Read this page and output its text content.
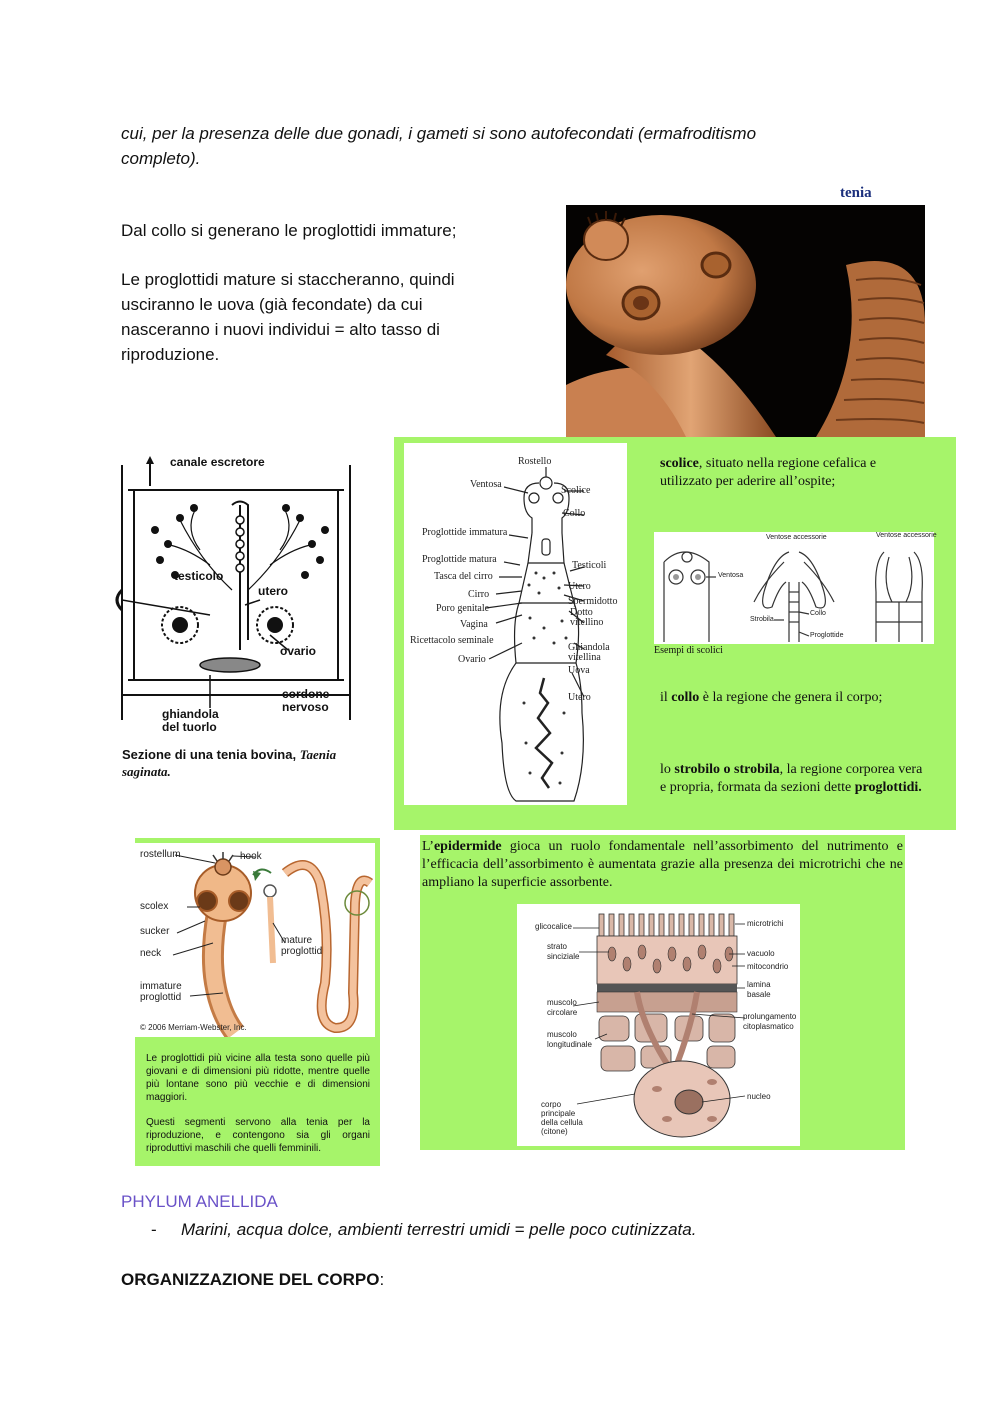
cui, per la presenza delle due gonadi, i gameti si sono autofecondati (ermafroditismo
completo).
Dal collo si generano le proglottidi immature;
Le proglottidi mature si staccheranno, quindi
usciranno le uova (già fecondate) da cui
nasceranno i nuovi individui = alto tasso di
riproduzione.
tenia
canale escretore
testicolo
utero
ovario
cordone
nervoso
ghiandola
del tuorlo
Sezione di una tenia bovina, Taenia
saginata.
Rostello
Ventosa
Scolice
Collo
Proglottide immatura
Proglottide matura
Testicoli
Tasca del cirro
Utero
Cirro
Spermidotto
Poro genitale	Dotto
vitellino
Vagina
Ricettacolo seminale
Ghiandola
vitellina
Ovario
Uova
Utero
scolice, situato nella regione cefalica e
utilizzato per aderire all’ospite;
Ventosa
Ventose accessorie	Ventose accessorie
Strobila
Collo
Proglottide
Esempi di scolici
il collo è la regione che genera il corpo;
lo strobilo o strobila, la regione corporea vera
e propria, formata da sezioni dette proglottidi.
rostellum	hook
scolex
sucker
neck
mature
proglottid
immature
proglottid
© 2006 Merriam-Webster, Inc.
Le proglottidi più vicine alla testa sono quelle più giovani e di dimensioni più ridotte, mentre quelle più lontane sono più vecchie e di dimensioni maggiori.
Questi segmenti servono alla tenia per la riproduzione, e contengono sia gli organi riproduttivi maschili che quelli femminili.
L’epidermide gioca un ruolo fondamentale nell’assorbimento del nutrimento e l’efficacia dell’assorbimento è aumentata grazie alla presenza dei microtrichi che ne ampliano la superficie assorbente.
glicocalice
strato
sinciziale
muscolo
circolare
muscolo
longitudinale
corpo
principale
della cellula
(citone)
microtrichi
vacuolo
mitocondrio
lamina
basale
prolungamento
citoplasmatico
nucleo
PHYLUM ANELLIDA
- Marini, acqua dolce, ambienti terrestri umidi = pelle poco cutinizzata.
ORGANIZZAZIONE DEL CORPO:
